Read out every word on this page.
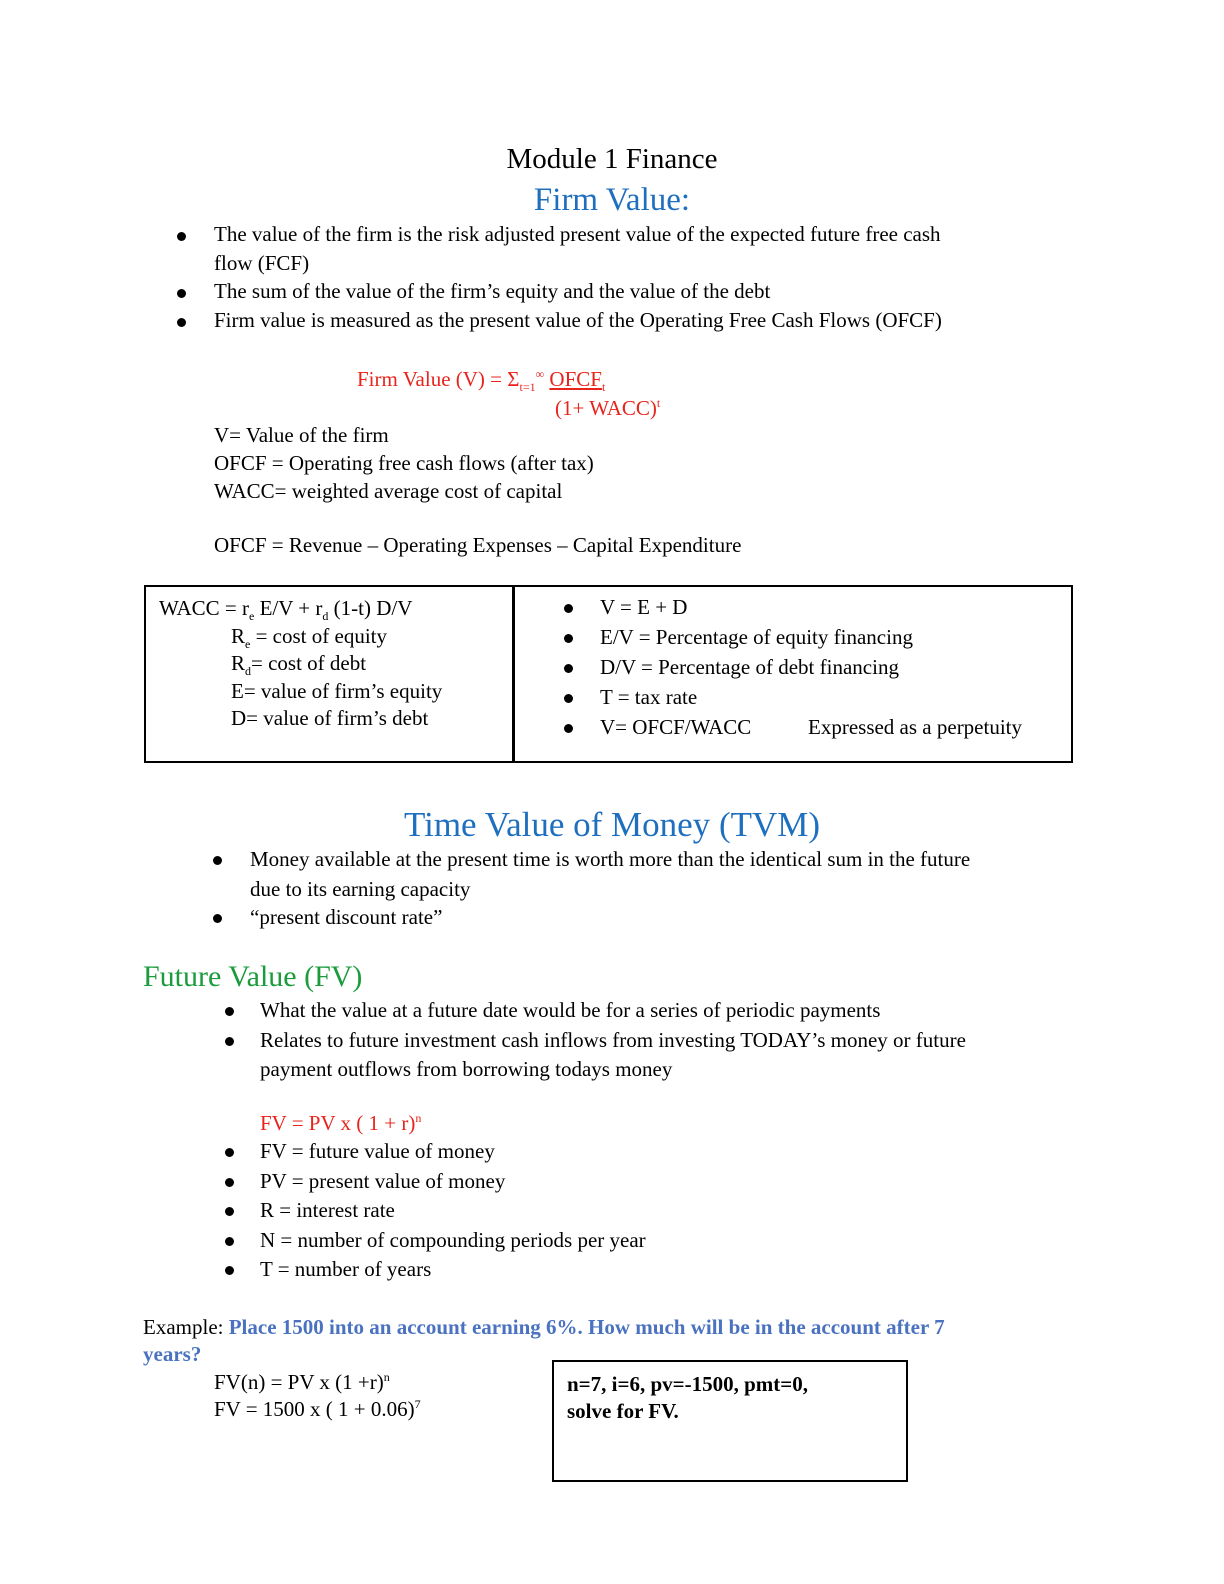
Module 1 Finance
Firm Value:
The value of the firm is the risk adjusted present value of the expected future free cash
flow (FCF)
The sum of the value of the firm’s equity and the value of the debt
Firm value is measured as the present value of the Operating Free Cash Flows (OFCF)
Firm Value $(V) = \Sigma_{t=1}^\infty$ $OFCF_t$
(1+ WACC)$^t$
V= Value of the firm
OFCF = Operating free cash flows (after tax)
WACC= weighted average cost of capital
OFCF = Revenue – Operating Expenses – Capital Expenditure
WACC = $r_e$ $E/V + r_d$ (1-t) D/V
$R_e = \cos t$ of equity
$R_d= \cos t$ of debt
E= value of firm’s equity
D= value of firm’s debt
V = E + D
E/V = Percentage of equity financing
D/V = Percentage of debt financing
T = tax rate
V= OFCF/WACC	Expressed as a perpetuity
Time Value of Money (TVM)
Money available at the present time is worth more than the identical sum in the future
due to its earning capacity
“present discount rate”
Future Value (FV)
What the value at a future date would be for a series of periodic payments
Relates to future investment cash inflows from investing TODAY’s money or future
payment outflows from borrowing todays money
FV = PV x ( 1 + r)$^n$
FV = future value of money
PV = present value of money
R = interest rate
N = number of compounding periods per year
T = number of years
Example: Place 1500 into an account earning 6%. How much will be in the account after 7
years?
FV(n) = PV x $(1 +r)^n$
FV = 1500 x ( 1 + 0.06)$^7$
n=7, i=6, pv=-1500, pmt=0,
solve for FV.
